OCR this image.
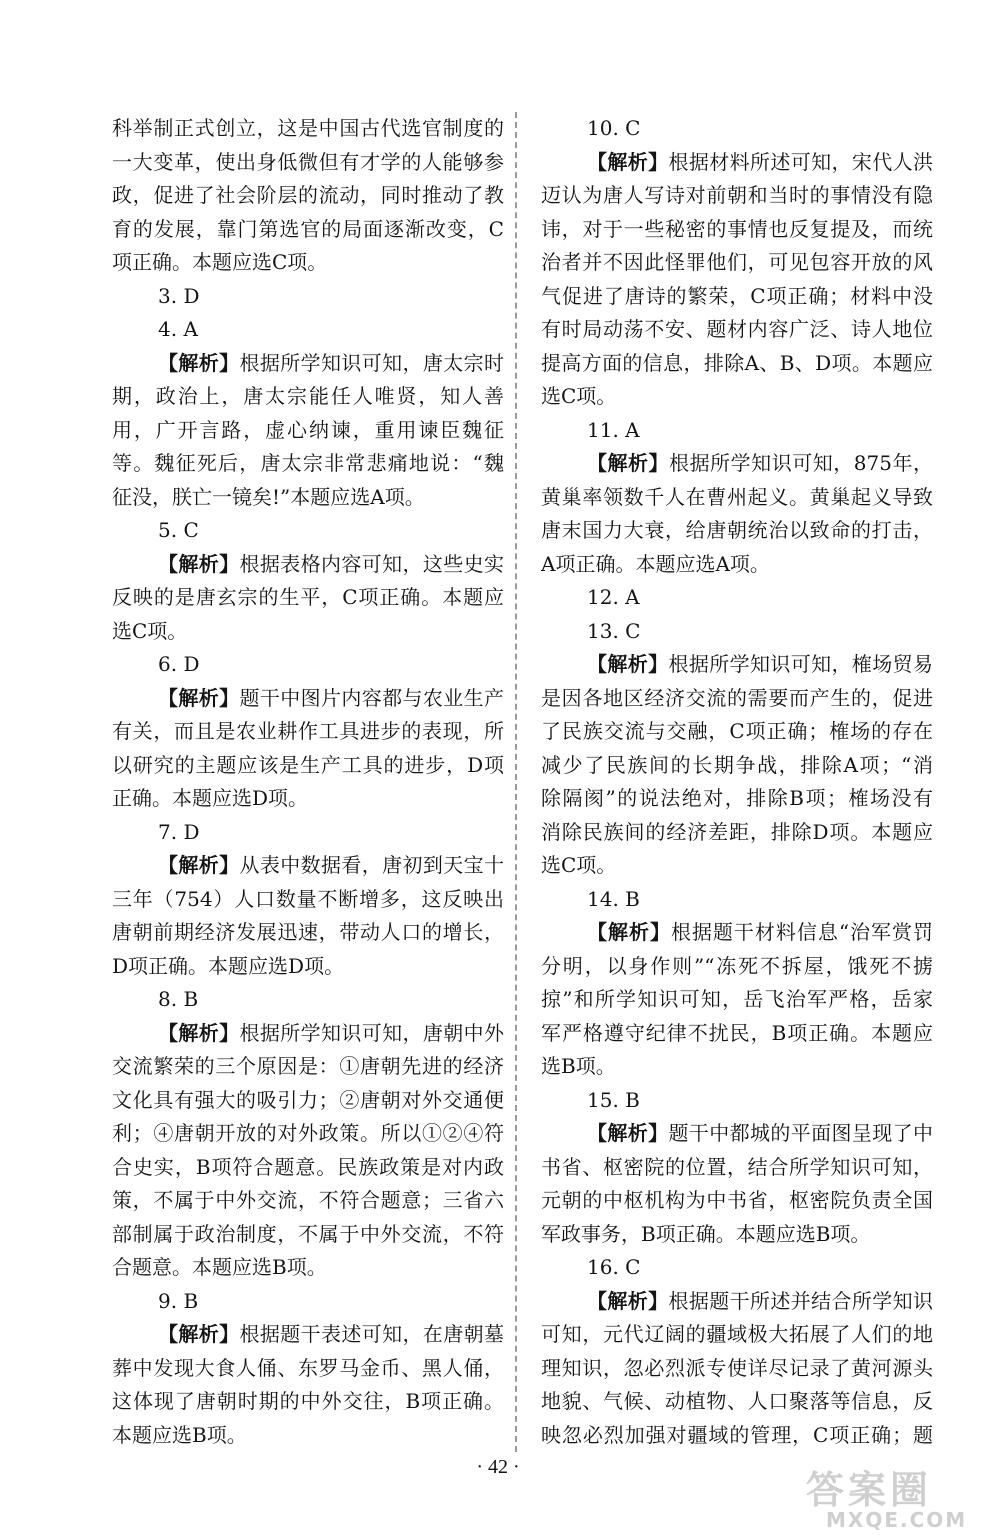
科举制正式创立，这是中国古代选官制度的
一大变革，使出身低微但有才学的人能够参
政，促进了社会阶层的流动，同时推动了教
育的发展，靠门第选官的局面逐渐改变，C
项正确。本题应选C项。
3. D
4. A
【解析】根据所学知识可知，唐太宗时
期，政治上，唐太宗能任人唯贤，知人善
用，广开言路，虚心纳谏，重用谏臣魏征
等。魏征死后，唐太宗非常悲痛地说：“魏
征没，朕亡一镜矣!”本题应选A项。
5. C
【解析】根据表格内容可知，这些史实
反映的是唐玄宗的生平，C项正确。本题应
选C项。
6. D
【解析】题干中图片内容都与农业生产
有关，而且是农业耕作工具进步的表现，所
以研究的主题应该是生产工具的进步，D项
正确。本题应选D项。
7. D
【解析】从表中数据看，唐初到天宝十
三年（754）人口数量不断增多，这反映出
唐朝前期经济发展迅速，带动人口的增长，
D项正确。本题应选D项。
8. B
【解析】根据所学知识可知，唐朝中外
交流繁荣的三个原因是：①唐朝先进的经济
文化具有强大的吸引力；②唐朝对外交通便
利；④唐朝开放的对外政策。所以①②④符
合史实，B项符合题意。民族政策是对内政
策，不属于中外交流，不符合题意；三省六
部制属于政治制度，不属于中外交流，不符
合题意。本题应选B项。
9. B
【解析】根据题干表述可知，在唐朝墓
葬中发现大食人俑、东罗马金币、黑人俑，
这体现了唐朝时期的中外交往，B项正确。
本题应选B项。
10. C
【解析】根据材料所述可知，宋代人洪
迈认为唐人写诗对前朝和当时的事情没有隐
讳，对于一些秘密的事情也反复提及，而统
治者并不因此怪罪他们，可见包容开放的风
气促进了唐诗的繁荣，C项正确；材料中没
有时局动荡不安、题材内容广泛、诗人地位
提高方面的信息，排除A、B、D项。本题应
选C项。
11. A
【解析】根据所学知识可知，875年，
黄巢率领数千人在曹州起义。黄巢起义导致
唐末国力大衰，给唐朝统治以致命的打击，
A项正确。本题应选A项。
12. A
13. C
【解析】根据所学知识可知，榷场贸易
是因各地区经济交流的需要而产生的，促进
了民族交流与交融，C项正确；榷场的存在
减少了民族间的长期争战，排除A项；“消
除隔阂”的说法绝对，排除B项；榷场没有
消除民族间的经济差距，排除D项。本题应
选C项。
14. B
【解析】根据题干材料信息“治军赏罚
分明，以身作则”“冻死不拆屋，饿死不掳
掠”和所学知识可知，岳飞治军严格，岳家
军严格遵守纪律不扰民，B项正确。本题应
选B项。
15. B
【解析】题干中都城的平面图呈现了中
书省、枢密院的位置，结合所学知识可知，
元朝的中枢机构为中书省，枢密院负责全国
军政事务，B项正确。本题应选B项。
16. C
【解析】根据题干所述并结合所学知识
可知，元代辽阔的疆域极大拓展了人们的地
理知识，忽必烈派专使详尽记录了黄河源头
地貌、气候、动植物、人口聚落等信息，反
映忽必烈加强对疆域的管理，C项正确；题
· 42 ·
答案圈
MXQE.COM
